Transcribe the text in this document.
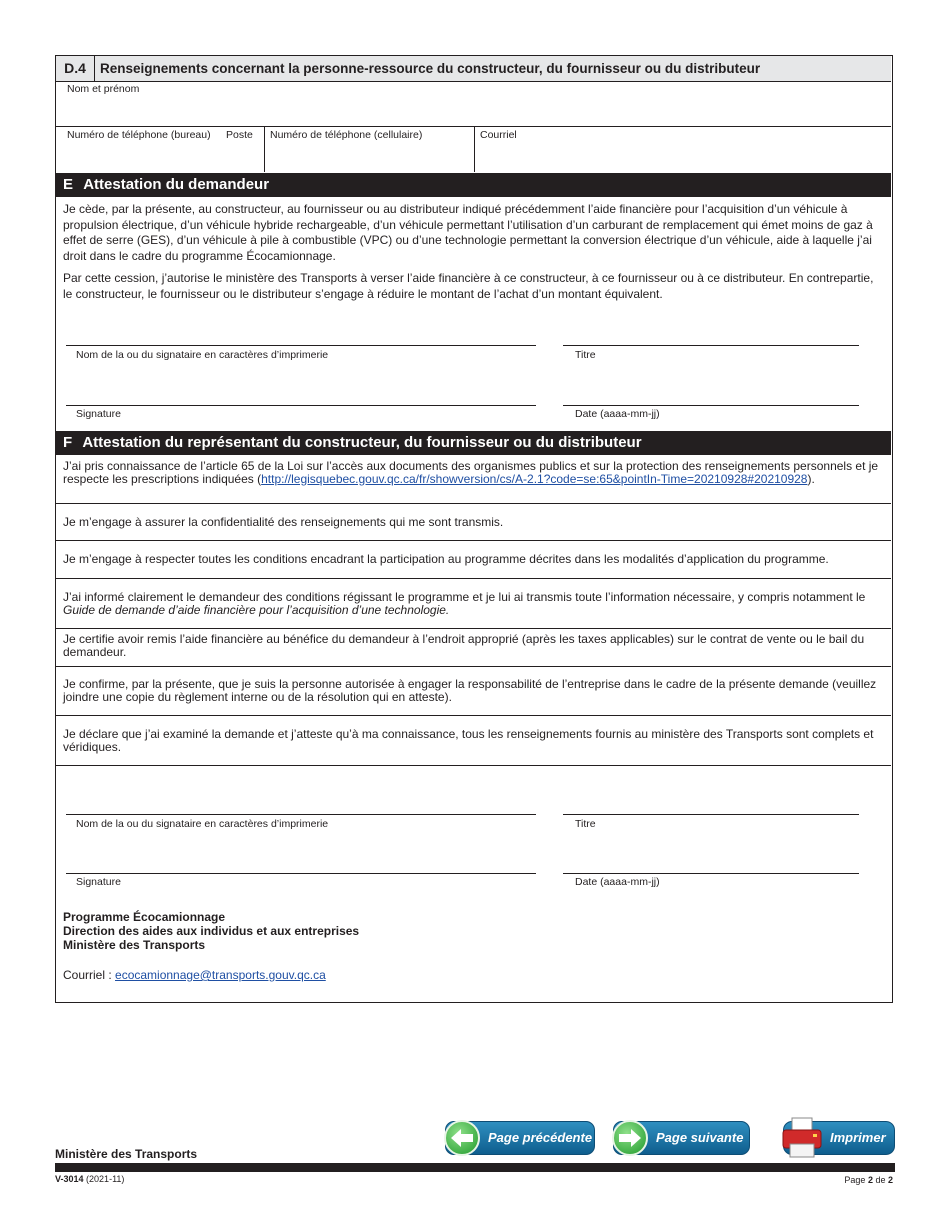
D.4	Renseignements concernant la personne-ressource du constructeur, du fournisseur ou du distributeur
Nom et prénom
Numéro de téléphone (bureau) Poste Numéro de téléphone (cellulaire)	Courriel
E Attestation du demandeur
Je cède, par la présente, au constructeur, au fournisseur ou au distributeur indiqué précédemment l’aide financière pour l’acquisition d’un véhicule à propulsion électrique, d’un véhicule hybride rechargeable, d’un véhicule permettant l’utilisation d’un carburant de remplacement qui émet moins de gaz à effet de serre (GES), d’un véhicule à pile à combustible (VPC) ou d’une technologie permettant la conversion électrique d’un véhicule, aide à laquelle j’ai droit dans le cadre du programme Écocamionnage.
Par cette cession, j’autorise le ministère des Transports à verser l’aide financière à ce constructeur, à ce fournisseur ou à ce distributeur. En contrepartie, le constructeur, le fournisseur ou le distributeur s’engage à réduire le montant de l’achat d’un montant équivalent.
Nom de la ou du signataire en caractères d’imprimerie	Titre
Signature	Date (aaaa-mm-jj)
F Attestation du représentant du constructeur, du fournisseur ou du distributeur
J’ai pris connaissance de l’article 65 de la Loi sur l’accès aux documents des organismes publics et sur la protection des renseignements personnels et je respecte les prescriptions indiquées (http://legisquebec.gouv.qc.ca/fr/showversion/cs/A-2.1?code=se:65&pointIn-Time=20210928#20210928).
Je m’engage à assurer la confidentialité des renseignements qui me sont transmis.
Je m’engage à respecter toutes les conditions encadrant la participation au programme décrites dans les modalités d’application du programme.
J’ai informé clairement le demandeur des conditions régissant le programme et je lui ai transmis toute l’information nécessaire, y compris notamment le Guide de demande d’aide financière pour l’acquisition d’une technologie.
Je certifie avoir remis l’aide financière au bénéfice du demandeur à l’endroit approprié (après les taxes applicables) sur le contrat de vente ou le bail du demandeur.
Je confirme, par la présente, que je suis la personne autorisée à engager la responsabilité de l’entreprise dans le cadre de la présente demande (veuillez joindre une copie du règlement interne ou de la résolution qui en atteste).
Je déclare que j’ai examiné la demande et j’atteste qu’à ma connaissance, tous les renseignements fournis au ministère des Transports sont complets et véridiques.
Nom de la ou du signataire en caractères d’imprimerie	Titre
Signature	Date (aaaa-mm-jj)
Programme Écocamionnage
Direction des aides aux individus et aux entreprises
Ministère des Transports
Courriel : ecocamionnage@transports.gouv.qc.ca
Page précédente	Page suivante	Imprimer
Ministère des Transports
V-3014 (2021-11)	Page 2 de 2
